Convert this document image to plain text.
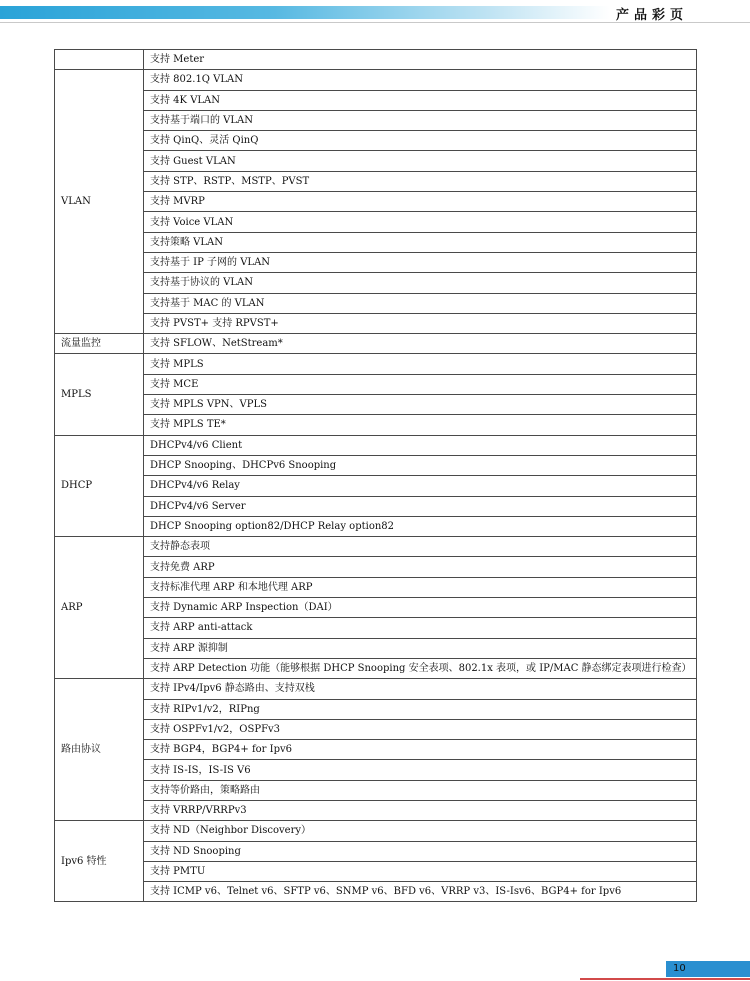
产品彩页
	支持 Meter
VLAN	支持 802.1Q VLAN
	支持 4K VLAN
	支持基于端口的 VLAN
	支持 QinQ、灵活 QinQ
	支持 Guest VLAN
	支持 STP、RSTP、MSTP、PVST
	支持 MVRP
	支持 Voice VLAN
	支持策略 VLAN
	支持基于 IP 子网的 VLAN
	支持基于协议的 VLAN
	支持基于 MAC 的 VLAN
	支持 PVST+ 支持 RPVST+
流量监控	支持 SFLOW、NetStream*
MPLS	支持 MPLS
	支持 MCE
	支持 MPLS VPN、VPLS
	支持 MPLS TE*
DHCP	DHCPv4/v6 Client
	DHCP Snooping、DHCPv6 Snooping
	DHCPv4/v6 Relay
	DHCPv4/v6 Server
	DHCP Snooping option82/DHCP Relay option82
ARP	支持静态表项
	支持免费 ARP
	支持标准代理 ARP 和本地代理 ARP
	支持 Dynamic ARP Inspection（DAI）
	支持 ARP anti-attack
	支持 ARP 源抑制
	支持 ARP Detection 功能（能够根据 DHCP Snooping 安全表项、802.1x 表项，或 IP/MAC 静态绑定表项进行检查）
路由协议	支持 IPv4/Ipv6 静态路由、支持双栈
	支持 RIPv1/v2，RIPng
	支持 OSPFv1/v2，OSPFv3
	支持 BGP4，BGP4+ for Ipv6
	支持 IS-IS，IS-IS V6
	支持等价路由，策略路由
	支持 VRRP/VRRPv3
Ipv6 特性	支持 ND（Neighbor Discovery）
	支持 ND Snooping
	支持 PMTU
	支持 ICMP v6、Telnet v6、SFTP v6、SNMP v6、BFD v6、VRRP v3、IS-Isv6、BGP4+ for Ipv6
10
